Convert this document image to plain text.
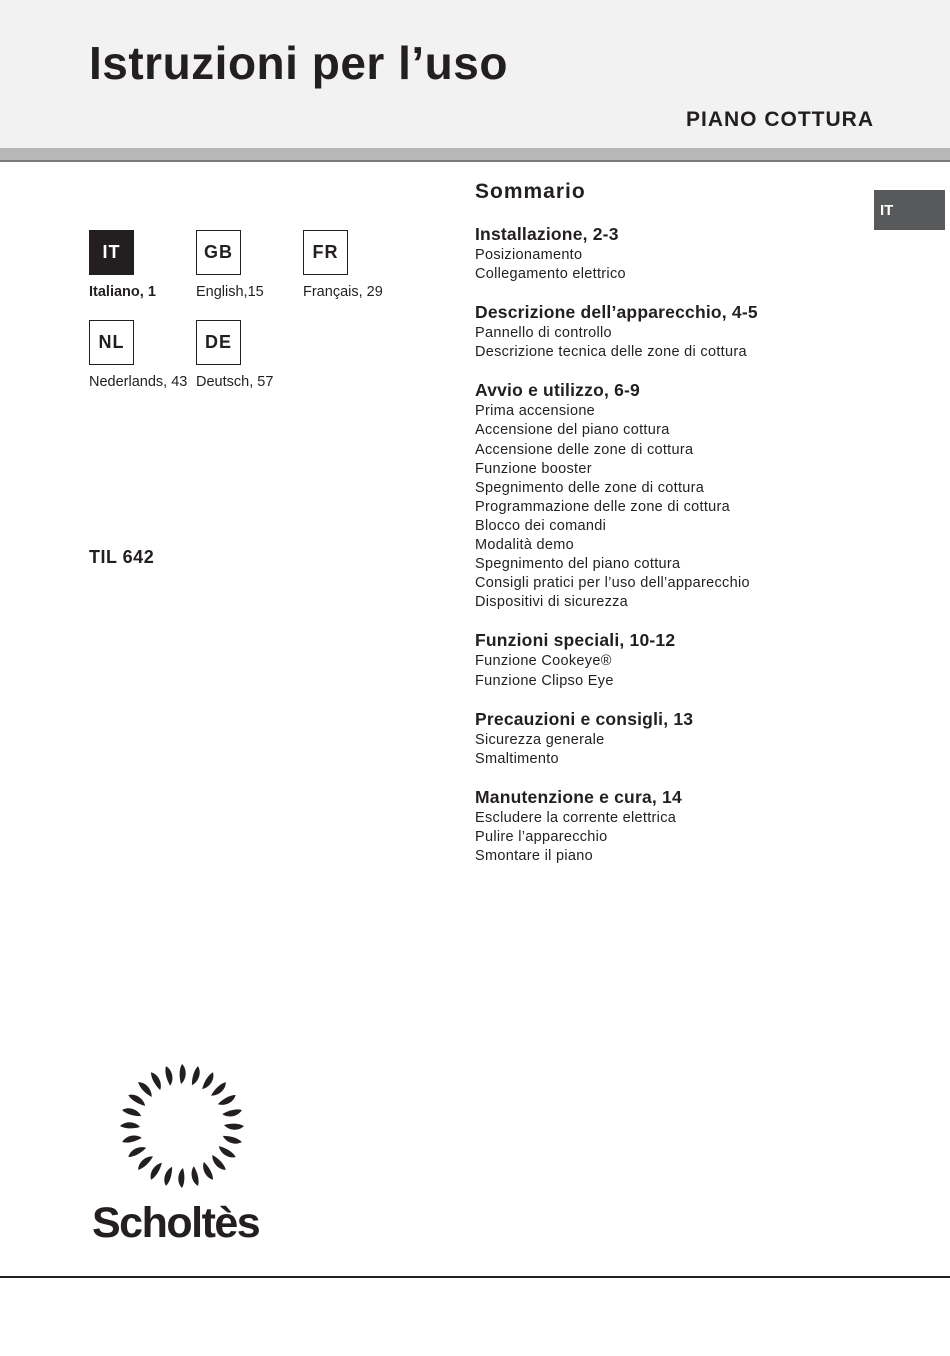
Istruzioni per l’uso
PIANO COTTURA
IT
IT
Italiano, 1
GB
English,15
FR
Français, 29
NL
Nederlands, 43
DE
Deutsch, 57
TIL 642
Sommario
Installazione, 2-3
Posizionamento
Collegamento elettrico
Descrizione dell’apparecchio, 4-5
Pannello di controllo
Descrizione tecnica delle zone di cottura
Avvio e utilizzo, 6-9
Prima accensione
Accensione del piano cottura
Accensione delle zone di cottura
Funzione booster
Spegnimento delle zone di cottura
Programmazione delle zone di cottura
Blocco dei comandi
Modalità demo
Spegnimento del piano cottura
Consigli pratici per l’uso dell’apparecchio
Dispositivi di sicurezza
Funzioni speciali, 10-12
Funzione Cookeye®
Funzione Clipso Eye
Precauzioni e consigli, 13
Sicurezza generale
Smaltimento
Manutenzione e cura, 14
Escludere la corrente elettrica
Pulire l’apparecchio
Smontare il piano
Scholtès
